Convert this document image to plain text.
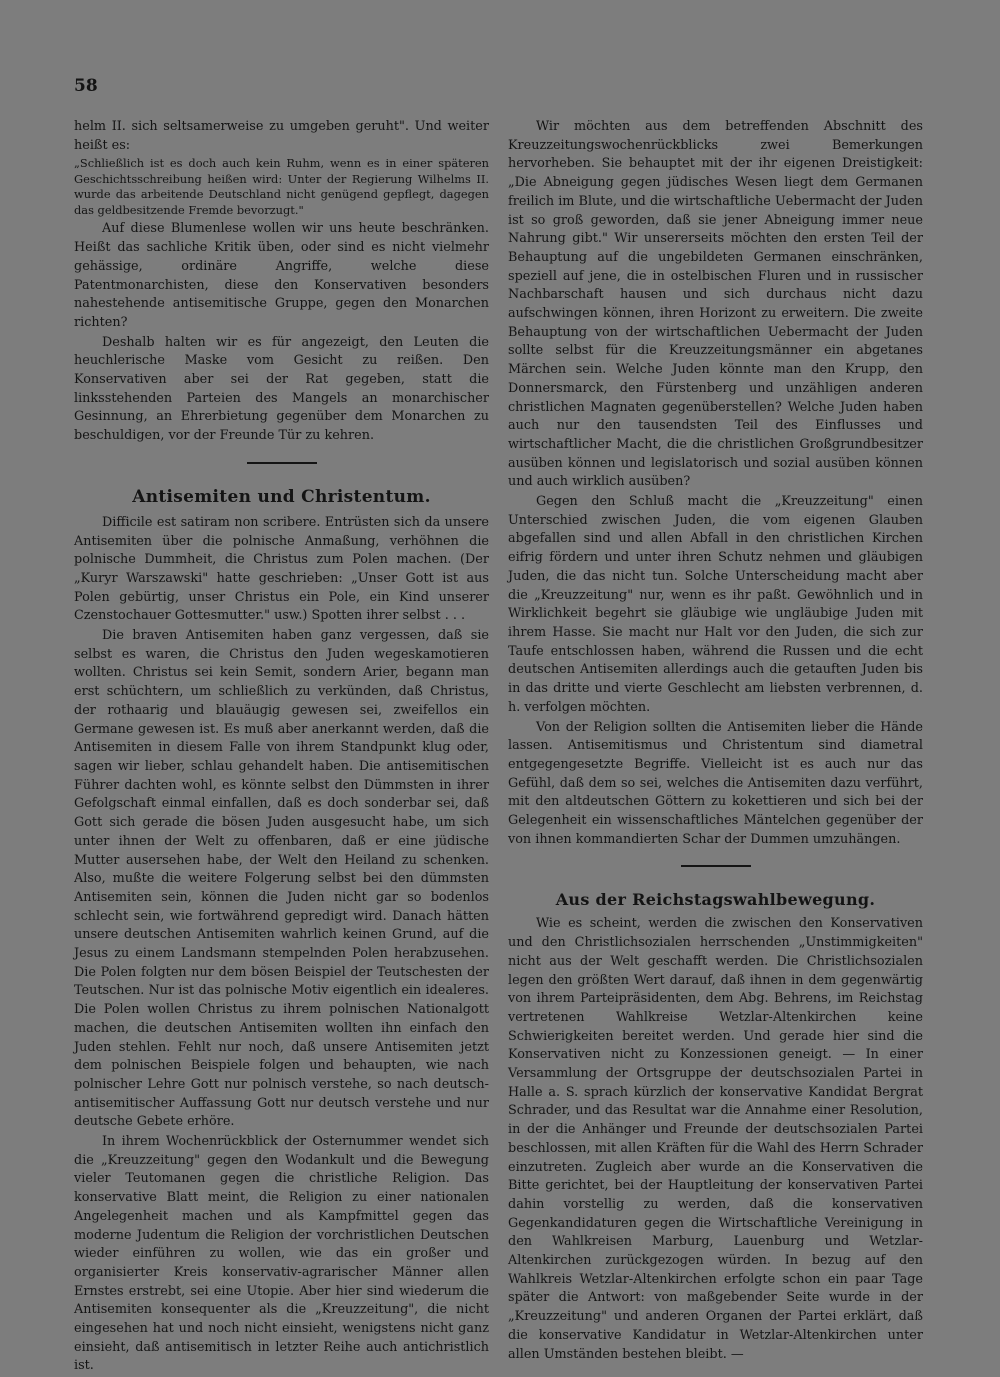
58

helm II. sich seltsamerweise zu umgeben geruht". Und weiter heißt es:

„Schließlich ist es doch auch kein Ruhm, wenn es in einer späteren Geschichtsschreibung heißen wird: Unter der Regierung Wilhelms II. wurde das arbeitende Deutschland nicht genügend gepflegt, dagegen das geldbesitzende Fremde bevorzugt."

Auf diese Blumenlese wollen wir uns heute beschränken. Heißt das sachliche Kritik üben, oder sind es nicht vielmehr gehässige, ordinäre Angriffe, welche diese Patentmonarchisten, diese den Konservativen besonders nahestehende antisemitische Gruppe, gegen den Monarchen richten?

Deshalb halten wir es für angezeigt, den Leuten die heuchlerische Maske vom Gesicht zu reißen. Den Konservativen aber sei der Rat gegeben, statt die linksstehenden Parteien des Mangels an monarchischer Gesinnung, an Ehrerbietung gegenüber dem Monarchen zu beschuldigen, vor der Freunde Tür zu kehren.

Antisemiten und Christentum.

Difficile est satiram non scribere. Entrüsten sich da unsere Antisemiten über die polnische Anmaßung, verhöhnen die polnische Dummheit, die Christus zum Polen machen. (Der „Kuryr Warszawski" hatte geschrieben: „Unser Gott ist aus Polen gebürtig, unser Christus ein Pole, ein Kind unserer Czenstochauer Gottesmutter." usw.) Spotten ihrer selbst . . .

Die braven Antisemiten haben ganz vergessen, daß sie selbst es waren, die Christus den Juden wegeskamotieren wollten. Christus sei kein Semit, sondern Arier, begann man erst schüchtern, um schließlich zu verkünden, daß Christus, der rothaarig und blauäugig gewesen sei, zweifellos ein Germane gewesen ist. Es muß aber anerkannt werden, daß die Antisemiten in diesem Falle von ihrem Standpunkt klug oder, sagen wir lieber, schlau gehandelt haben. Die antisemitischen Führer dachten wohl, es könnte selbst den Dümmsten in ihrer Gefolgschaft einmal einfallen, daß es doch sonderbar sei, daß Gott sich gerade die bösen Juden ausgesucht habe, um sich unter ihnen der Welt zu offenbaren, daß er eine jüdische Mutter ausersehen habe, der Welt den Heiland zu schenken. Also, mußte die weitere Folgerung selbst bei den dümmsten Antisemiten sein, können die Juden nicht gar so bodenlos schlecht sein, wie fortwährend gepredigt wird. Danach hätten unsere deutschen Antisemiten wahrlich keinen Grund, auf die Jesus zu einem Landsmann stempelnden Polen herabzusehen. Die Polen folgten nur dem bösen Beispiel der Teutschesten der Teutschen. Nur ist das polnische Motiv eigentlich ein idealeres. Die Polen wollen Christus zu ihrem polnischen Nationalgott machen, die deutschen Antisemiten wollten ihn einfach den Juden stehlen. Fehlt nur noch, daß unsere Antisemiten jetzt dem polnischen Beispiele folgen und behaupten, wie nach polnischer Lehre Gott nur polnisch verstehe, so nach deutsch-antisemitischer Auffassung Gott nur deutsch verstehe und nur deutsche Gebete erhöre.

In ihrem Wochenrückblick der Osternummer wendet sich die „Kreuzzeitung" gegen den Wodankult und die Bewegung vieler Teutomanen gegen die christliche Religion. Das konservative Blatt meint, die Religion zu einer nationalen Angelegenheit machen und als Kampfmittel gegen das moderne Judentum die Religion der vorchristlichen Deutschen wieder einführen zu wollen, wie das ein großer und organisierter Kreis konservativ-agrarischer Männer allen Ernstes erstrebt, sei eine Utopie. Aber hier sind wiederum die Antisemiten konsequenter als die „Kreuzzeitung", die nicht eingesehen hat und noch nicht einsieht, wenigstens nicht ganz einsieht, daß antisemitisch in letzter Reihe auch antichristlich ist.

Wir möchten aus dem betreffenden Abschnitt des Kreuzzeitungswochenrückblicks zwei Bemerkungen hervorheben. Sie behauptet mit der ihr eigenen Dreistigkeit: „Die Abneigung gegen jüdisches Wesen liegt dem Germanen freilich im Blute, und die wirtschaftliche Uebermacht der Juden ist so groß geworden, daß sie jener Abneigung immer neue Nahrung gibt." Wir unsererseits möchten den ersten Teil der Behauptung auf die ungebildeten Germanen einschränken, speziell auf jene, die in ostelbischen Fluren und in russischer Nachbarschaft hausen und sich durchaus nicht dazu aufschwingen können, ihren Horizont zu erweitern. Die zweite Behauptung von der wirtschaftlichen Uebermacht der Juden sollte selbst für die Kreuzzeitungsmänner ein abgetanes Märchen sein. Welche Juden könnte man den Krupp, den Donnersmarck, den Fürstenberg und unzähligen anderen christlichen Magnaten gegenüberstellen? Welche Juden haben auch nur den tausendsten Teil des Einflusses und wirtschaftlicher Macht, die die christlichen Großgrundbesitzer ausüben können und legislatorisch und sozial ausüben können und auch wirklich ausüben?

Gegen den Schluß macht die „Kreuzzeitung" einen Unterschied zwischen Juden, die vom eigenen Glauben abgefallen sind und allen Abfall in den christlichen Kirchen eifrig fördern und unter ihren Schutz nehmen und gläubigen Juden, die das nicht tun. Solche Unterscheidung macht aber die „Kreuzzeitung" nur, wenn es ihr paßt. Gewöhnlich und in Wirklichkeit begehrt sie gläubige wie ungläubige Juden mit ihrem Hasse. Sie macht nur Halt vor den Juden, die sich zur Taufe entschlossen haben, während die Russen und die echt deutschen Antisemiten allerdings auch die getauften Juden bis in das dritte und vierte Geschlecht am liebsten verbrennen, d. h. verfolgen möchten.

Von der Religion sollten die Antisemiten lieber die Hände lassen. Antisemitismus und Christentum sind diametral entgegengesetzte Begriffe. Vielleicht ist es auch nur das Gefühl, daß dem so sei, welches die Antisemiten dazu verführt, mit den altdeutschen Göttern zu kokettieren und sich bei der Gelegenheit ein wissenschaftliches Mäntelchen gegenüber der von ihnen kommandierten Schar der Dummen umzuhängen.

Aus der Reichstagswahlbewegung.

Wie es scheint, werden die zwischen den Konservativen und den Christlichsozialen herrschenden „Unstimmigkeiten" nicht aus der Welt geschafft werden. Die Christlichsozialen legen den größten Wert darauf, daß ihnen in dem gegenwärtig von ihrem Parteipräsidenten, dem Abg. Behrens, im Reichstag vertretenen Wahlkreise Wetzlar-Altenkirchen keine Schwierigkeiten bereitet werden. Und gerade hier sind die Konservativen nicht zu Konzessionen geneigt. — In einer Versammlung der Ortsgruppe der deutschsozialen Partei in Halle a. S. sprach kürzlich der konservative Kandidat Bergrat Schrader, und das Resultat war die Annahme einer Resolution, in der die Anhänger und Freunde der deutschsozialen Partei beschlossen, mit allen Kräften für die Wahl des Herrn Schrader einzutreten. Zugleich aber wurde an die Konservativen die Bitte gerichtet, bei der Hauptleitung der konservativen Partei dahin vorstellig zu werden, daß die konservativen Gegenkandidaturen gegen die Wirtschaftliche Vereinigung in den Wahlkreisen Marburg, Lauenburg und Wetzlar-Altenkirchen zurückgezogen würden. In bezug auf den Wahlkreis Wetzlar-Altenkirchen erfolgte schon ein paar Tage später die Antwort: von maßgebender Seite wurde in der „Kreuzzeitung" und anderen Organen der Partei erklärt, daß die konservative Kandidatur in Wetzlar-Altenkirchen unter allen Umständen bestehen bleibt. —
